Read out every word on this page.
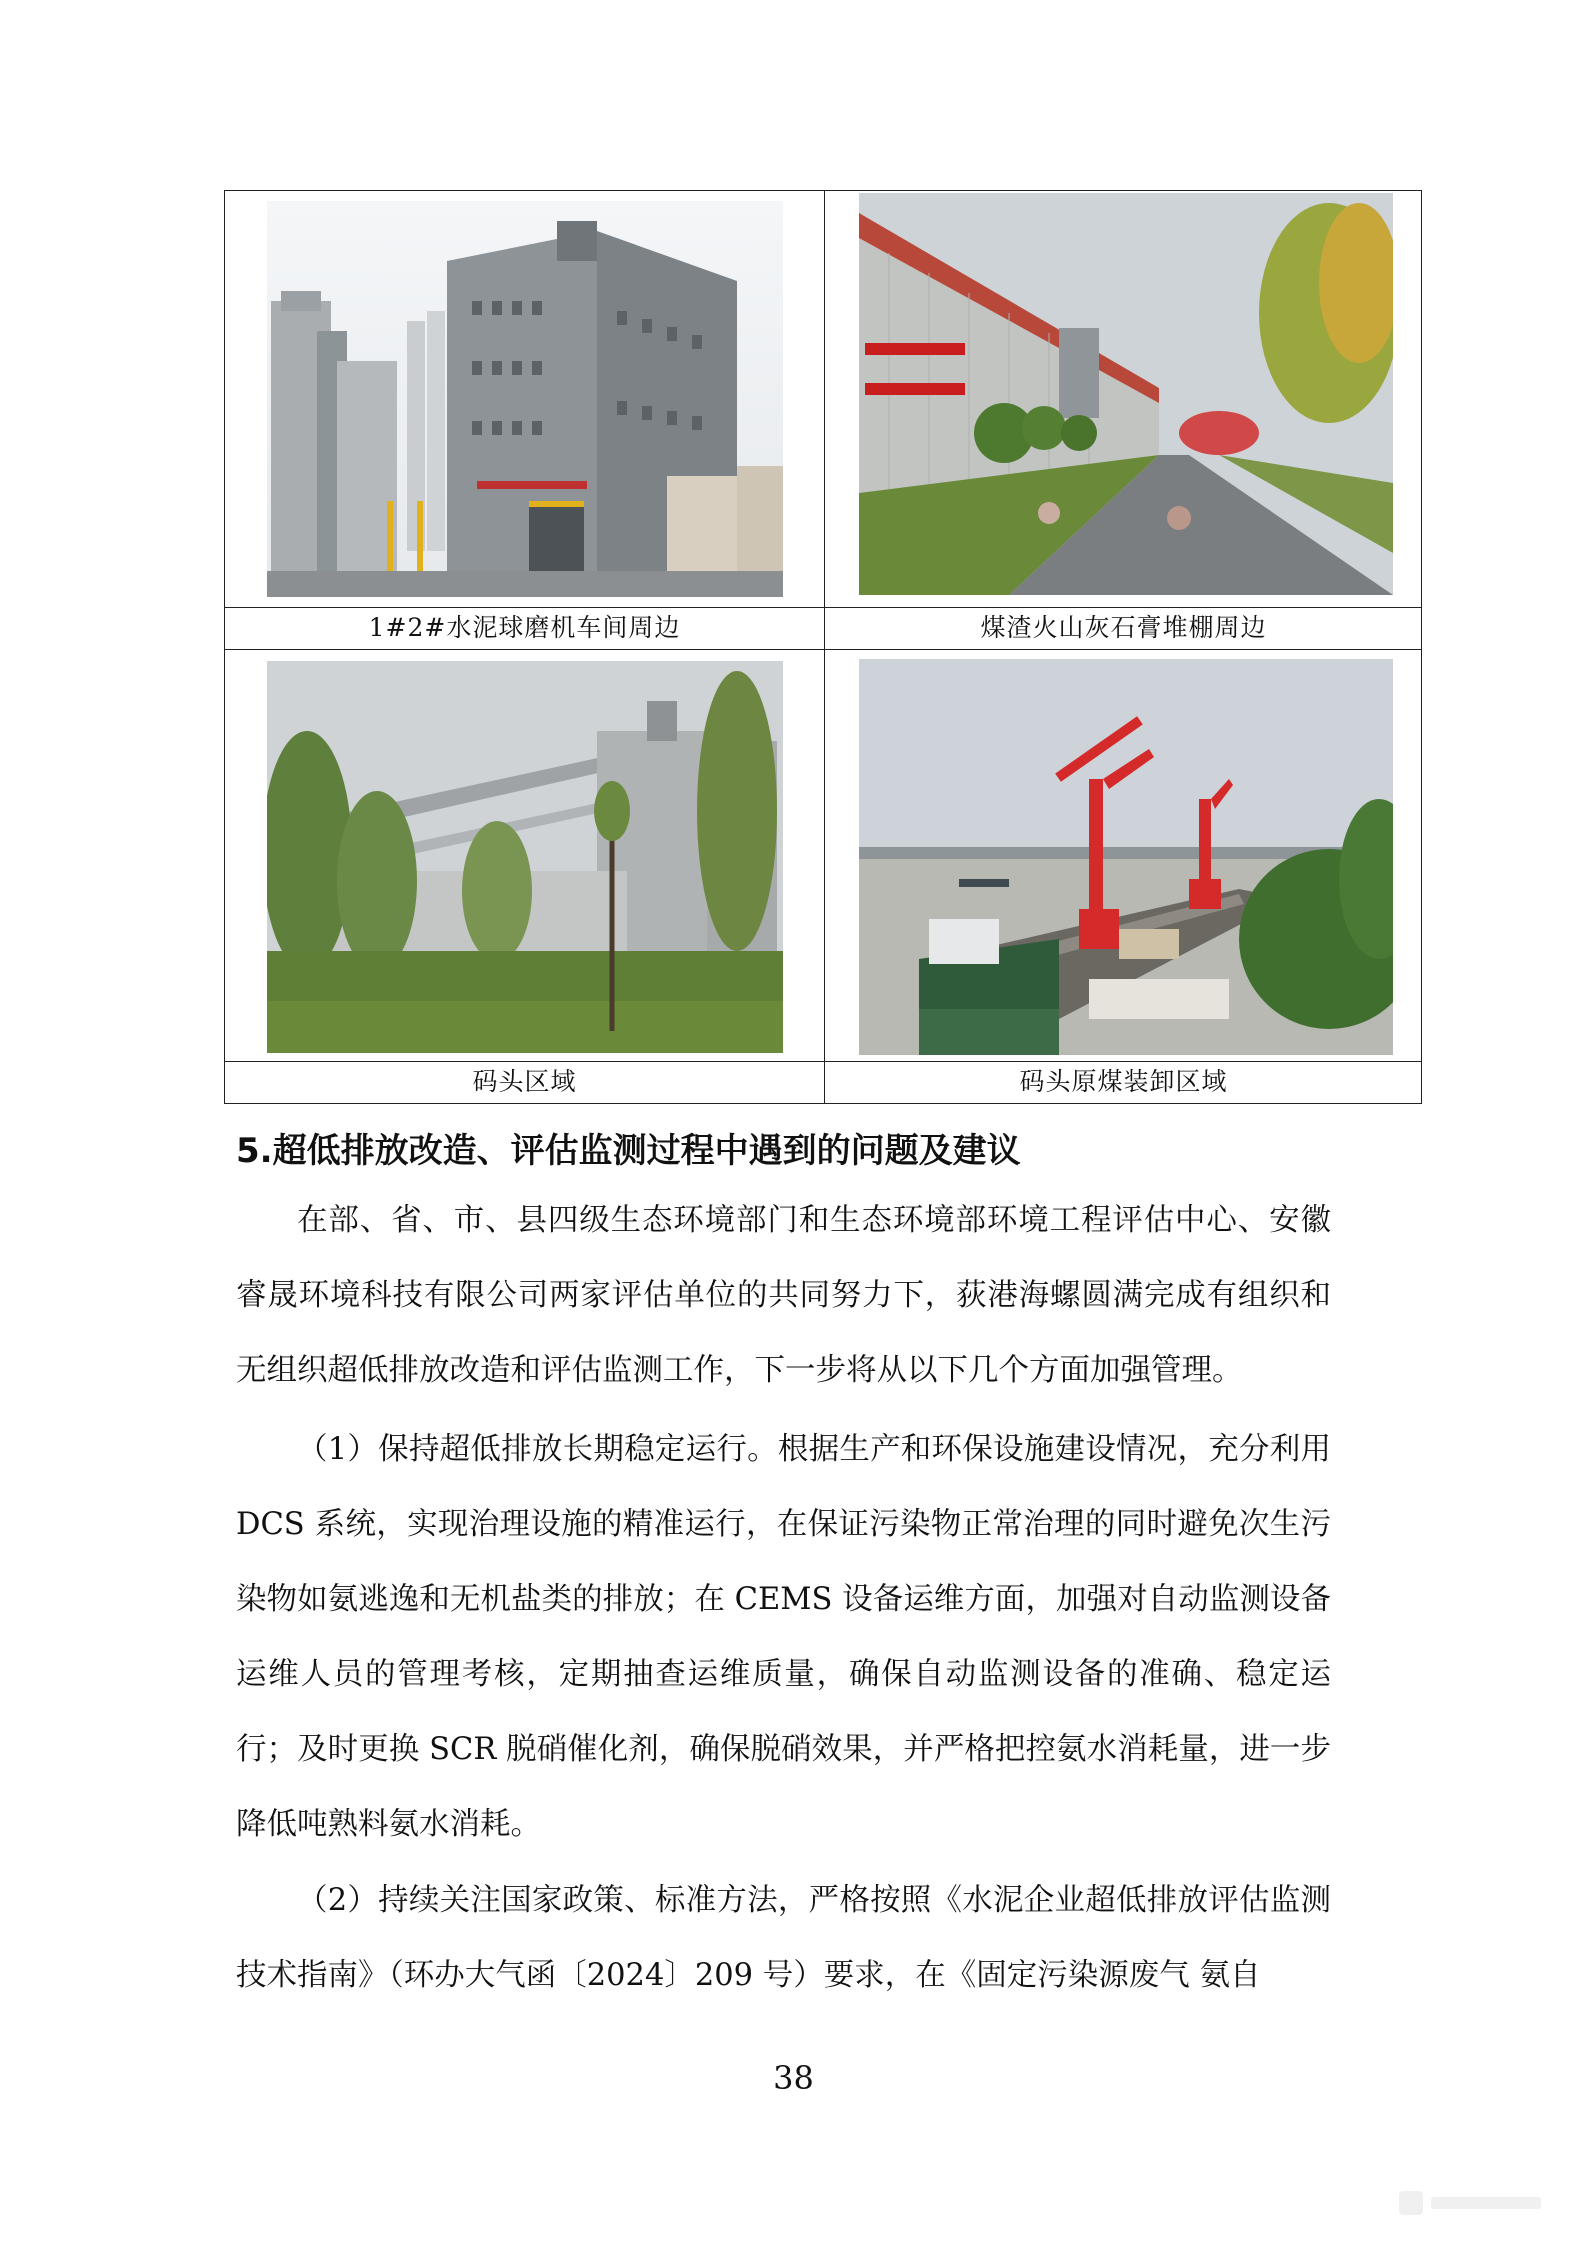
1#2#水泥球磨机车间周边	煤渣火山灰石膏堆棚周边
码头区域	码头原煤装卸区域
5.超低排放改造、评估监测过程中遇到的问题及建议

在部、省、市、县四级生态环境部门和生态环境部环境工程评估中心、安徽睿晟环境科技有限公司两家评估单位的共同努力下，荻港海螺圆满完成有组织和无组织超低排放改造和评估监测工作，下一步将从以下几个方面加强管理。

（1）保持超低排放长期稳定运行。根据生产和环保设施建设情况，充分利用 DCS 系统，实现治理设施的精准运行，在保证污染物正常治理的同时避免次生污染物如氨逃逸和无机盐类的排放；在 CEMS 设备运维方面，加强对自动监测设备运维人员的管理考核，定期抽查运维质量，确保自动监测设备的准确、稳定运行；及时更换 SCR 脱硝催化剂，确保脱硝效果，并严格把控氨水消耗量，进一步降低吨熟料氨水消耗。

（2）持续关注国家政策、标准方法，严格按照《水泥企业超低排放评估监测技术指南》（环办大气函〔2024〕209 号）要求，在《固定污染源废气 氨自

38
